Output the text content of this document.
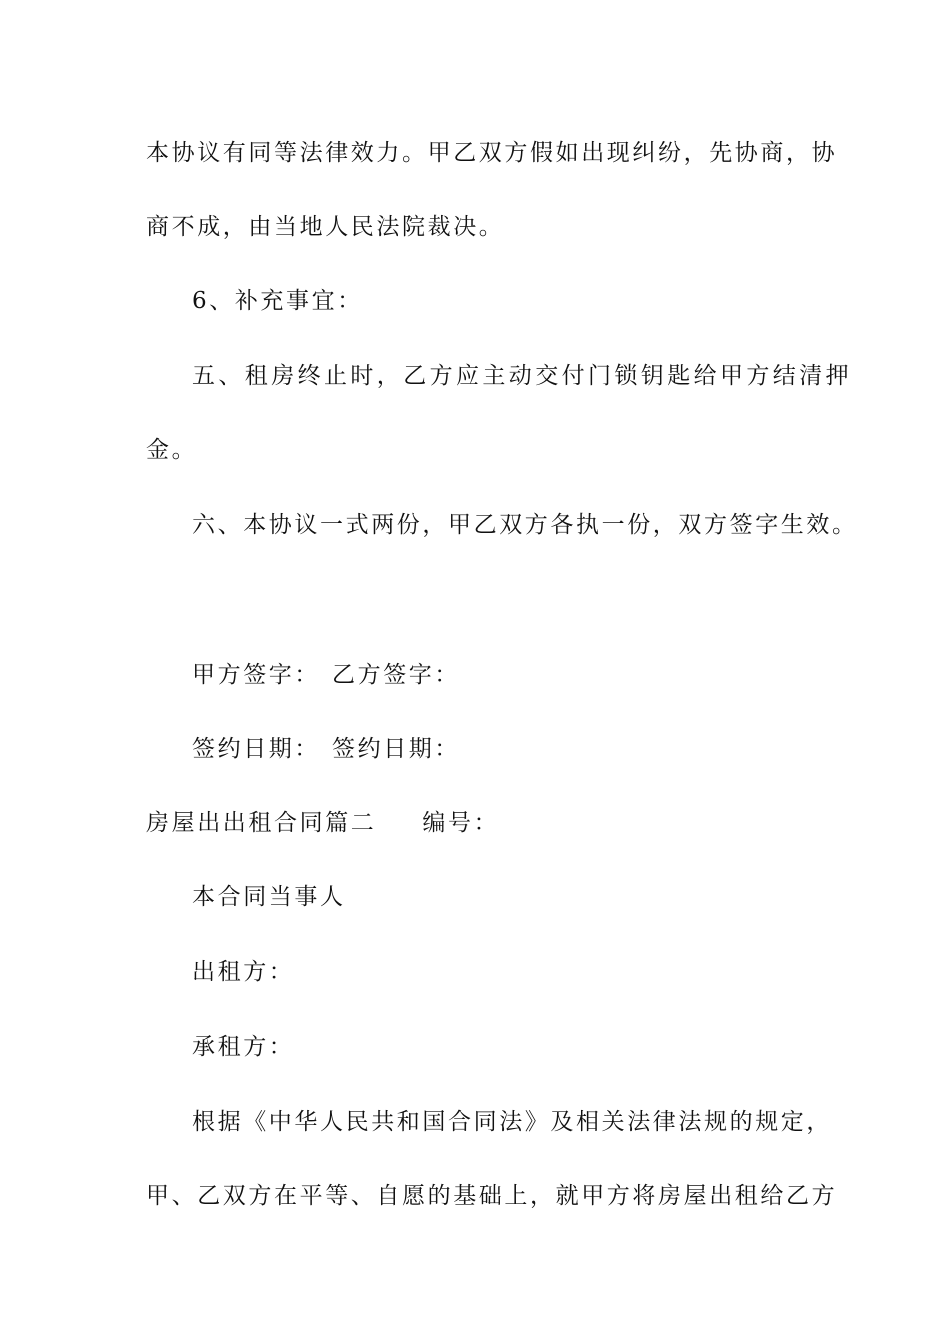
本协议有同等法律效力。甲乙双方假如出现纠纷，先协商，协
商不成，由当地人民法院裁决。
6、补充事宜：
五、租房终止时，乙方应主动交付门锁钥匙给甲方结清押
金。
六、本协议一式两份，甲乙双方各执一份，双方签字生效。
甲方签字： 乙方签字：
签约日期： 签约日期：
房屋出出租合同篇二 编号：
本合同当事人
出租方：
承租方：
根据《中华人民共和国合同法》及相关法律法规的规定，
甲、乙双方在平等、自愿的基础上，就甲方将房屋出租给乙方
